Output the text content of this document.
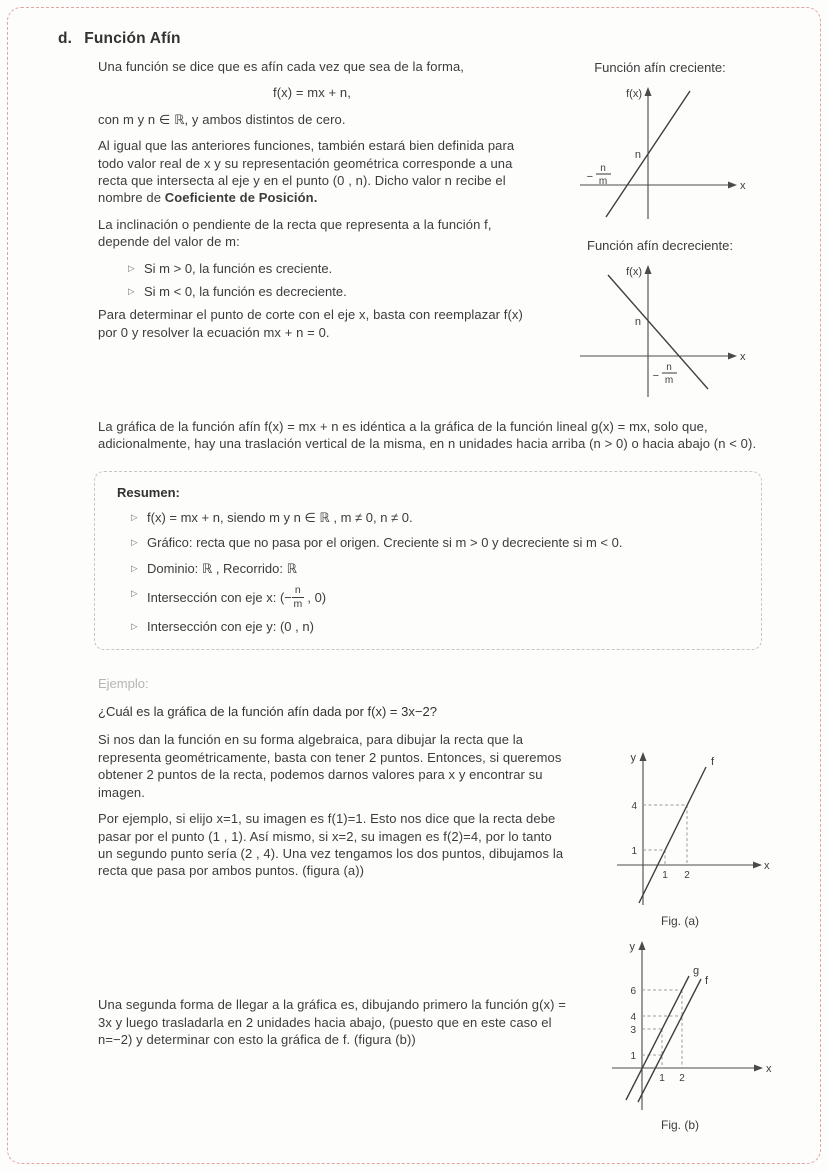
d. Función Afín

Una función se dice que es afín cada vez que sea de la forma,

f(x) = mx + n,

con m y n ∈ ℝ, y ambos distintos de cero.

Al igual que las anteriores funciones, también estará bien definida para todo valor real de x y su representación geométrica corresponde a una recta que intersecta al eje y en el punto (0 , n). Dicho valor n recibe el nombre de Coeficiente de Posición.

La inclinación o pendiente de la recta que representa a la función f, depende del valor de m:

▷ Si m > 0, la función es creciente.
▷ Si m < 0, la función es decreciente.

Para determinar el punto de corte con el eje x, basta con reemplazar f(x) por 0 y resolver la ecuación mx + n = 0.

Función afín creciente:
f(x)
x
n
−
n
m
Función afín decreciente:
f(x)
x
n
−
n
m

La gráfica de la función afín f(x) = mx + n es idéntica a la gráfica de la función lineal g(x) = mx, solo que, adicionalmente, hay una traslación vertical de la misma, en n unidades hacia arriba (n > 0) o hacia abajo (n < 0).

Resumen:
▷ f(x) = mx + n, siendo m y n ∈ ℝ , m ≠ 0, n ≠ 0.
▷ Gráfico: recta que no pasa por el origen. Creciente si m > 0 y decreciente si m < 0.
▷ Dominio: ℝ , Recorrido: ℝ
▷ Intersección con eje x: (− $\frac{n}{m}$ , 0)
▷ Intersección con eje y: (0 , n)
Ejemplo:
¿Cuál es la gráfica de la función afín dada por f(x) = 3x−2?

Si nos dan la función en su forma algebraica, para dibujar la recta que la representa geométricamente, basta con tener 2 puntos. Entonces, si queremos obtener 2 puntos de la recta, podemos darnos valores para x y encontrar su imagen.

Por ejemplo, si elijo x=1, su imagen es f(1)=1. Esto nos dice que la recta debe pasar por el punto (1 , 1). Así mismo, si x=2, su imagen es f(2)=4, por lo tanto un segundo punto sería (2 , 4). Una vez tengamos los dos puntos, dibujamos la recta que pasa por ambos puntos. (figura (a))

y
x
f
4
1
1 2
Fig. (a)

Una segunda forma de llegar a la gráfica es, dibujando primero la función g(x) = 3x y luego trasladarla en 2 unidades hacia abajo, (puesto que en este caso el n=−2) y determinar con esto la gráfica de f. (figura (b))

y
x
g
f
6
4
3
1
1 2
Fig. (b)
